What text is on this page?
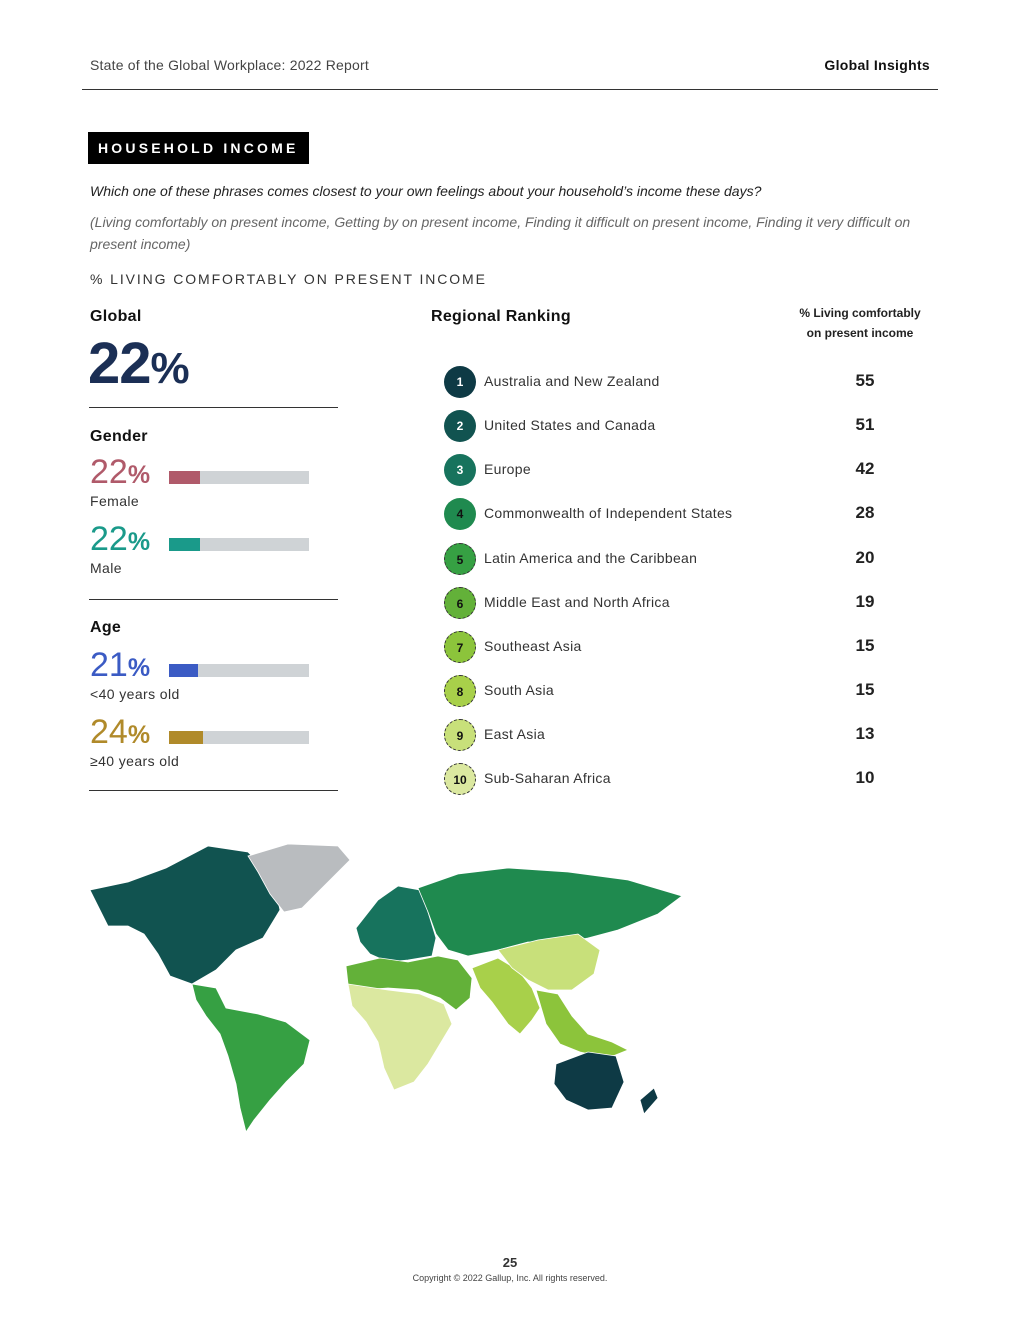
State of the Global Workplace: 2022 Report	Global Insights
HOUSEHOLD INCOME
Which one of these phrases comes closest to your own feelings about your household’s income these days?
(Living comfortably on present income, Getting by on present income, Finding it difficult on present income, Finding it very difficult on present income)
% LIVING COMFORTABLY ON PRESENT INCOME
Global
22%
Gender
22%
Female
22%
Male
Age
21%
<40 years old
24%
≥40 years old
Regional Ranking	% Living comfortably
on present income
1	Australia and New Zealand	55
2	United States and Canada	51
3	Europe	42
4	Commonwealth of Independent States	28
5	Latin America and the Caribbean	20
6	Middle East and North Africa	19
7	Southeast Asia	15
8	South Asia	15
9	East Asia	13
10	Sub-Saharan Africa	10
25
Copyright © 2022 Gallup, Inc. All rights reserved.
